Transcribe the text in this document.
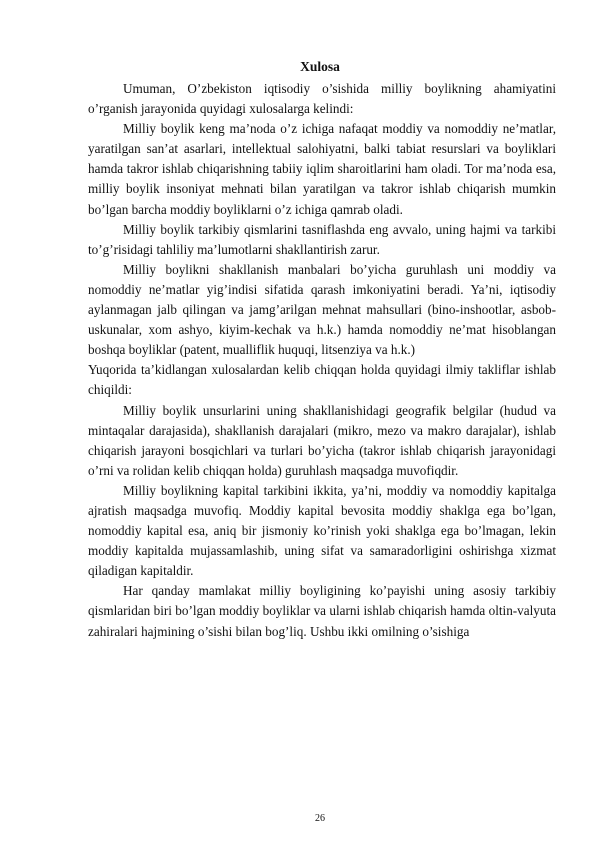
Xulosa

Umuman, O’zbekiston iqtisodiy o’sishida milliy boylikning ahamiyatini o’rganish jarayonida quyidagi xulosalarga kelindi:

Milliy boylik keng ma’noda o’z ichiga nafaqat moddiy va nomoddiy ne’matlar, yaratilgan san’at asarlari, intellektual salohiyatni, balki tabiat resurslari va boyliklari hamda takror ishlab chiqarishning tabiiy iqlim sharoitlarini ham oladi. Tor ma’noda esa, milliy boylik insoniyat mehnati bilan yaratilgan va takror ishlab chiqarish mumkin bo’lgan barcha moddiy boyliklarni o’z ichiga qamrab oladi.

Milliy boylik tarkibiy qismlarini tasniflashda eng avvalo, uning hajmi va tarkibi to’g’risidagi tahliliy ma’lumotlarni shakllantirish zarur.

Milliy boylikni shakllanish manbalari bo’yicha guruhlash uni moddiy va nomoddiy ne’matlar yig’indisi sifatida qarash imkoniyatini beradi. Ya’ni, iqtisodiy aylanmagan jalb qilingan va jamg’arilgan mehnat mahsullari (bino-inshootlar, asbob-uskunalar, xom ashyo, kiyim-kechak va h.k.) hamda nomoddiy ne’mat hisoblangan boshqa boyliklar (patent, mualliflik huquqi, litsenziya va h.k.)

Yuqorida ta’kidlangan xulosalardan kelib chiqqan holda quyidagi ilmiy takliflar ishlab chiqildi:

Milliy boylik unsurlarini uning shakllanishidagi geografik belgilar (hudud va mintaqalar darajasida), shakllanish darajalari (mikro, mezo va makro darajalar), ishlab chiqarish jarayoni bosqichlari va turlari bo’yicha (takror ishlab chiqarish jarayonidagi o’rni va rolidan kelib chiqqan holda) guruhlash maqsadga muvofiqdir.

Milliy boylikning kapital tarkibini ikkita, ya’ni, moddiy va nomoddiy kapitalga ajratish maqsadga muvofiq. Moddiy kapital bevosita moddiy shaklga ega bo’lgan, nomoddiy kapital esa, aniq bir jismoniy ko’rinish yoki shaklga ega bo’lmagan, lekin moddiy kapitalda mujassamlashib, uning sifat va samaradorligini oshirishga xizmat qiladigan kapitaldir.

Har qanday mamlakat milliy boyligining ko’payishi uning asosiy tarkibiy qismlaridan biri bo’lgan moddiy boyliklar va ularni ishlab chiqarish hamda oltin-valyuta zahiralari hajmining o’sishi bilan bog’liq. Ushbu ikki omilning o’sishiga

26
